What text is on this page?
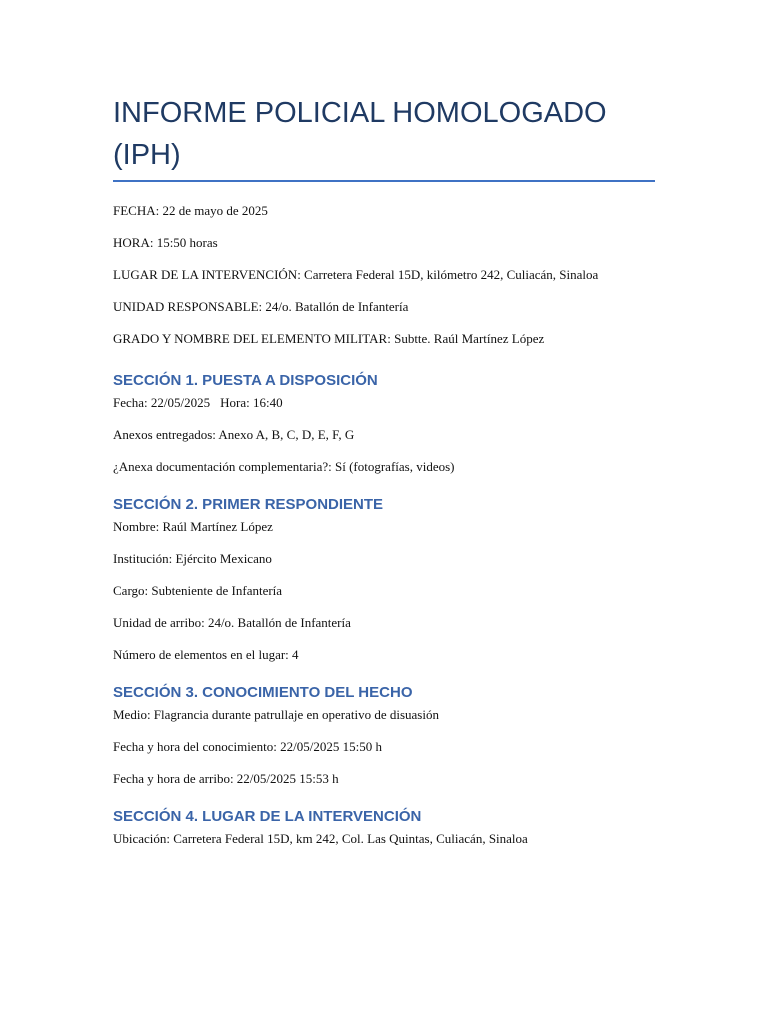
INFORME POLICIAL HOMOLOGADO
(IPH)

FECHA: 22 de mayo de 2025

HORA: 15:50 horas

LUGAR DE LA INTERVENCIÓN: Carretera Federal 15D, kilómetro 242, Culiacán, Sinaloa

UNIDAD RESPONSABLE: 24/o. Batallón de Infantería

GRADO Y NOMBRE DEL ELEMENTO MILITAR: Subtte. Raúl Martínez López

SECCIÓN 1. PUESTA A DISPOSICIÓN

Fecha: 22/05/2025 Hora: 16:40

Anexos entregados: Anexo A, B, C, D, E, F, G

¿Anexa documentación complementaria?: Sí (fotografías, videos)

SECCIÓN 2. PRIMER RESPONDIENTE

Nombre: Raúl Martínez López

Institución: Ejército Mexicano

Cargo: Subteniente de Infantería

Unidad de arribo: 24/o. Batallón de Infantería

Número de elementos en el lugar: 4

SECCIÓN 3. CONOCIMIENTO DEL HECHO

Medio: Flagrancia durante patrullaje en operativo de disuasión

Fecha y hora del conocimiento: 22/05/2025 15:50 h

Fecha y hora de arribo: 22/05/2025 15:53 h

SECCIÓN 4. LUGAR DE LA INTERVENCIÓN

Ubicación: Carretera Federal 15D, km 242, Col. Las Quintas, Culiacán, Sinaloa
